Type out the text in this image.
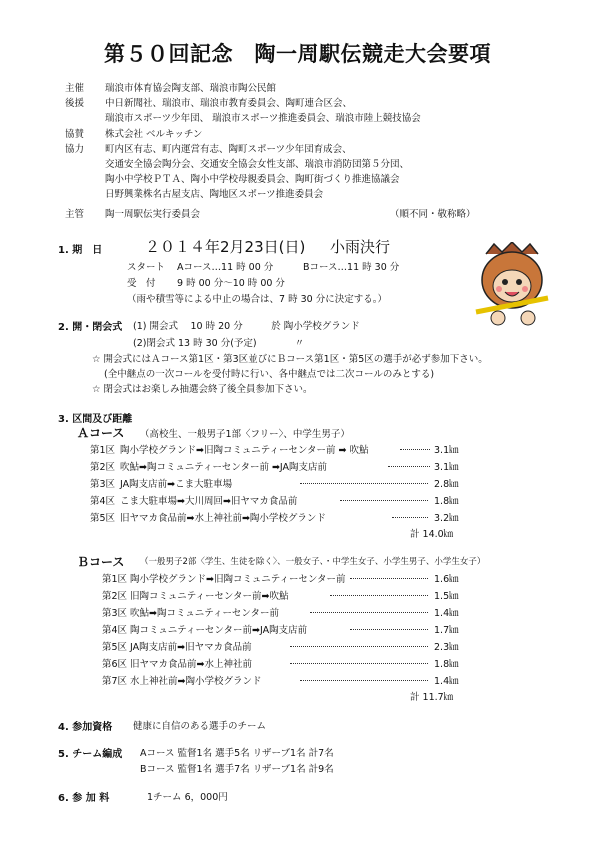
第５０回記念　陶一周駅伝競走大会要項
主催 瑞浪市体育協会陶支部、瑞浪市陶公民館
後援 中日新聞社、瑞浪市、瑞浪市教育委員会、陶町連合区会、
瑞浪市スポーツ少年団、 瑞浪市スポーツ推進委員会、瑞浪市陸上競技協会
協賛 株式会社 ベルキッチン
協力 町内区有志、町内運営有志、陶町スポーツ少年団育成会、
交通安全協会陶分会、交通安全協会女性支部、瑞浪市消防団第５分団、
陶小中学校ＰＴＡ、陶小中学校母親委員会、陶町街づくり推進協議会
日野興業株名古屋支店、陶地区スポーツ推進委員会
主管 陶一周駅伝実行委員会	（順不同・敬称略）
1. 期　日	２０１４年2月23日(日) 小雨決行
スタート Aコース…11 時 00 分	Bコース…11 時 30 分
受　付 9 時 00 分～10 時 00 分
（雨や積雪等による中止の場合は、7 時 30 分に決定する。）
2. 開・閉会式 (1) 開会式　 10 時 20 分　　　於 陶小学校グランド
(2)閉会式 13 時 30 分(予定)　　　　〃
☆ 開会式にはＡコース第1区・第3区並びにＢコース第1区・第5区の選手が必ず参加下さい。
(全中継点の一次コールを受付時に行い、各中継点では二次コールのみとする)
☆ 閉会式はお楽しみ抽選会終了後全員参加下さい。
3. 区間及び距離
Ａコース （高校生、一般男子1部〈フリー〉、中学生男子）
第1区 陶小学校グランド➡旧陶コミュニティーセンター前 ➡ 吹鮎	3.1㎞
第2区 吹鮎➡陶コミュニティーセンター前 ➡JA陶支店前	3.1㎞
第3区 JA陶支店前➡こま大駐車場	2.8㎞
第4区 こま大駐車場➡大川周回➡旧ヤマカ食品前	1.8㎞
第5区 旧ヤマカ食品前➡水上神社前➡陶小学校グランド	3.2㎞
計 14.0㎞
Ｂコース （一般男子2部〈学生、生徒を除く〉、一般女子、・中学生女子、小学生男子、小学生女子）
第1区 陶小学校グランド➡旧陶コミュニティーセンター前	1.6㎞
第2区 旧陶コミュニティーセンター前➡吹鮎	1.5㎞
第3区 吹鮎➡陶コミュニティーセンター前	1.4㎞
第4区 陶コミュニティーセンター前➡JA陶支店前	1.7㎞
第5区 JA陶支店前➡旧ヤマカ食品前	2.3㎞
第6区 旧ヤマカ食品前➡水上神社前	1.8㎞
第7区 水上神社前➡陶小学校グランド	1.4㎞
計 11.7㎞
4. 参加資格 健康に自信のある選手のチーム
5. チーム編成 Aコース 監督1名 選手5名 リザーブ1名 計7名
Bコース 監督1名 選手7名 リザーブ1名 計9名
6. 参 加 料	1チーム 6，000円
